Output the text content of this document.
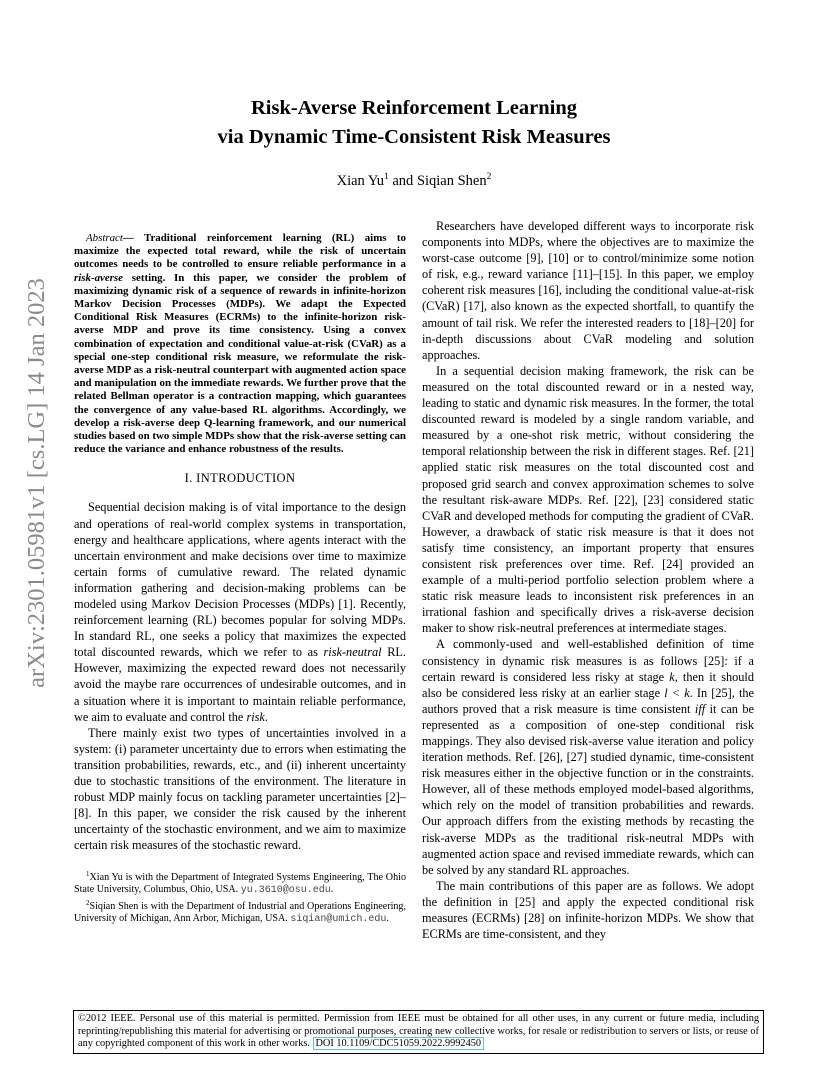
arXiv:2301.05981v1 [cs.LG] 14 Jan 2023

Risk-Averse Reinforcement Learning

via Dynamic Time-Consistent Risk Measures

Xian Yu$^1$ and Siqian Shen$^2$

Abstract— Traditional reinforcement learning (RL) aims to maximize the expected total reward, while the risk of uncertain outcomes needs to be controlled to ensure reliable performance in a risk-averse setting. In this paper, we consider the problem of maximizing dynamic risk of a sequence of rewards in infinite-horizon Markov Decision Processes (MDPs). We adapt the Expected Conditional Risk Measures (ECRMs) to the infinite-horizon risk-averse MDP and prove its time consistency. Using a convex combination of expectation and conditional value-at-risk (CVaR) as a special one-step conditional risk measure, we reformulate the risk-averse MDP as a risk-neutral counterpart with augmented action space and manipulation on the immediate rewards. We further prove that the related Bellman operator is a contraction mapping, which guarantees the convergence of any value-based RL algorithms. Accordingly, we develop a risk-averse deep Q-learning framework, and our numerical studies based on two simple MDPs show that the risk-averse setting can reduce the variance and enhance robustness of the results.

I. INTRODUCTION

Sequential decision making is of vital importance to the design and operations of real-world complex systems in transportation, energy and healthcare applications, where agents interact with the uncertain environment and make decisions over time to maximize certain forms of cumulative reward. The related dynamic information gathering and decision-making problems can be modeled using Markov Decision Processes (MDPs) [1]. Recently, reinforcement learning (RL) becomes popular for solving MDPs. In standard RL, one seeks a policy that maximizes the expected total discounted rewards, which we refer to as risk-neutral RL. However, maximizing the expected reward does not necessarily avoid the maybe rare occurrences of undesirable outcomes, and in a situation where it is important to maintain reliable performance, we aim to evaluate and control the risk.

There mainly exist two types of uncertainties involved in a system: (i) parameter uncertainty due to errors when estimating the transition probabilities, rewards, etc., and (ii) inherent uncertainty due to stochastic transitions of the environment. The literature in robust MDP mainly focus on tackling parameter uncertainties [2]–[8]. In this paper, we consider the risk caused by the inherent uncertainty of the stochastic environment, and we aim to maximize certain risk measures of the stochastic reward.

$^1$Xian Yu is with the Department of Integrated Systems Engineering, The Ohio State University, Columbus, Ohio, USA. yu.3610@osu.edu.

$^2$Siqian Shen is with the Department of Industrial and Operations Engineering, University of Michigan, Ann Arbor, Michigan, USA. siqian@umich.edu.

Researchers have developed different ways to incorporate risk components into MDPs, where the objectives are to maximize the worst-case outcome [9], [10] or to control/minimize some notion of risk, e.g., reward variance [11]–[15]. In this paper, we employ coherent risk measures [16], including the conditional value-at-risk (CVaR) [17], also known as the expected shortfall, to quantify the amount of tail risk. We refer the interested readers to [18]–[20] for in-depth discussions about CVaR modeling and solution approaches.

In a sequential decision making framework, the risk can be measured on the total discounted reward or in a nested way, leading to static and dynamic risk measures. In the former, the total discounted reward is modeled by a single random variable, and measured by a one-shot risk metric, without considering the temporal relationship between the risk in different stages. Ref. [21] applied static risk measures on the total discounted cost and proposed grid search and convex approximation schemes to solve the resultant risk-aware MDPs. Ref. [22], [23] considered static CVaR and developed methods for computing the gradient of CVaR. However, a drawback of static risk measure is that it does not satisfy time consistency, an important property that ensures consistent risk preferences over time. Ref. [24] provided an example of a multi-period portfolio selection problem where a static risk measure leads to inconsistent risk preferences in an irrational fashion and specifically drives a risk-averse decision maker to show risk-neutral preferences at intermediate stages.

A commonly-used and well-established definition of time consistency in dynamic risk measures is as follows [25]: if a certain reward is considered less risky at stage k, then it should also be considered less risky at an earlier stage l < k. In [25], the authors proved that a risk measure is time consistent iff it can be represented as a composition of one-step conditional risk mappings. They also devised risk-averse value iteration and policy iteration methods. Ref. [26], [27] studied dynamic, time-consistent risk measures either in the objective function or in the constraints. However, all of these methods employed model-based algorithms, which rely on the model of transition probabilities and rewards. Our approach differs from the existing methods by recasting the risk-averse MDPs as the traditional risk-neutral MDPs with augmented action space and revised immediate rewards, which can be solved by any standard RL approaches.

The main contributions of this paper are as follows. We adopt the definition in [25] and apply the expected conditional risk measures (ECRMs) [28] on infinite-horizon MDPs. We show that ECRMs are time-consistent, and they

©2012 IEEE. Personal use of this material is permitted. Permission from IEEE must be obtained for all other uses, in any current or future media, including reprinting/republishing this material for advertising or promotional purposes, creating new collective works, for resale or redistribution to servers or lists, or reuse of any copyrighted component of this work in other works. DOI 10.1109/CDC51059.2022.9992450
